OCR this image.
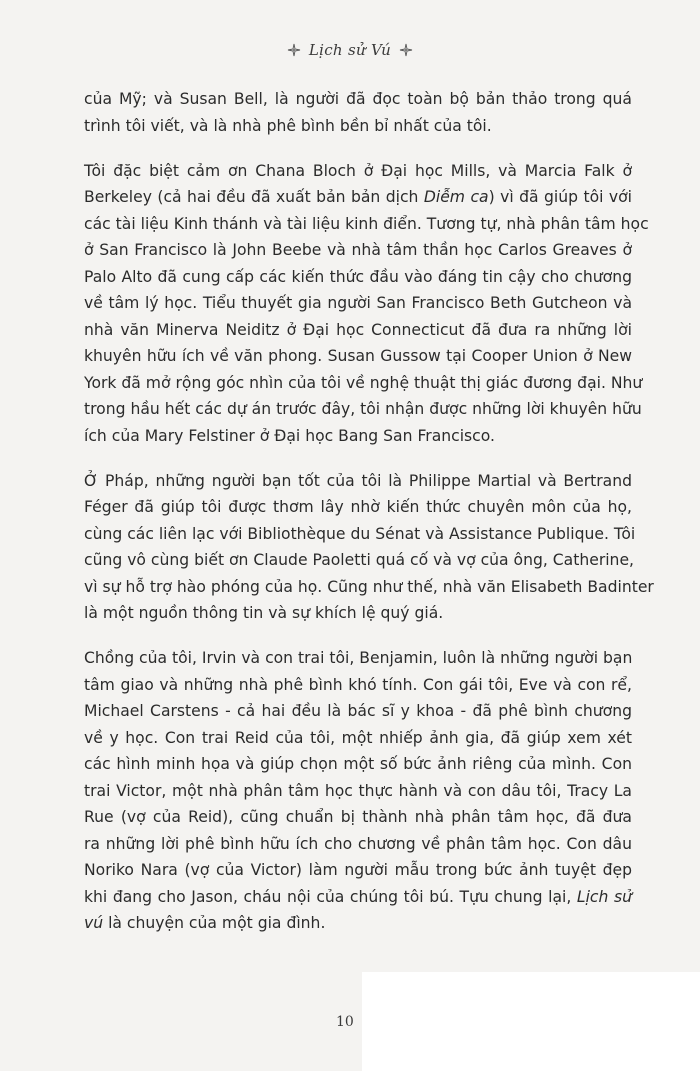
Lịch sử Vú

của Mỹ; và Susan Bell, là người đã đọc toàn bộ bản thảo trong quá
trình tôi viết, và là nhà phê bình bền bỉ nhất của tôi.

Tôi đặc biệt cảm ơn Chana Bloch ở Đại học Mills, và Marcia Falk ở
Berkeley (cả hai đều đã xuất bản bản dịch Diễm ca) vì đã giúp tôi với
các tài liệu Kinh thánh và tài liệu kinh điển. Tương tự, nhà phân tâm học
ở San Francisco là John Beebe và nhà tâm thần học Carlos Greaves ở
Palo Alto đã cung cấp các kiến thức đầu vào đáng tin cậy cho chương
về tâm lý học. Tiểu thuyết gia người San Francisco Beth Gutcheon và
nhà văn Minerva Neiditz ở Đại học Connecticut đã đưa ra những lời
khuyên hữu ích về văn phong. Susan Gussow tại Cooper Union ở New
York đã mở rộng góc nhìn của tôi về nghệ thuật thị giác đương đại. Như
trong hầu hết các dự án trước đây, tôi nhận được những lời khuyên hữu
ích của Mary Felstiner ở Đại học Bang San Francisco.

Ở Pháp, những người bạn tốt của tôi là Philippe Martial và Bertrand
Féger đã giúp tôi được thơm lây nhờ kiến thức chuyên môn của họ,
cùng các liên lạc với Bibliothèque du Sénat và Assistance Publique. Tôi
cũng vô cùng biết ơn Claude Paoletti quá cố và vợ của ông, Catherine,
vì sự hỗ trợ hào phóng của họ. Cũng như thế, nhà văn Elisabeth Badinter
là một nguồn thông tin và sự khích lệ quý giá.

Chồng của tôi, Irvin và con trai tôi, Benjamin, luôn là những người bạn
tâm giao và những nhà phê bình khó tính. Con gái tôi, Eve và con rể,
Michael Carstens - cả hai đều là bác sĩ y khoa - đã phê bình chương
về y học. Con trai Reid của tôi, một nhiếp ảnh gia, đã giúp xem xét
các hình minh họa và giúp chọn một số bức ảnh riêng của mình. Con
trai Victor, một nhà phân tâm học thực hành và con dâu tôi, Tracy La
Rue (vợ của Reid), cũng chuẩn bị thành nhà phân tâm học, đã đưa
ra những lời phê bình hữu ích cho chương về phân tâm học. Con dâu
Noriko Nara (vợ của Victor) làm người mẫu trong bức ảnh tuyệt đẹp
khi đang cho Jason, cháu nội của chúng tôi bú. Tựu chung lại, Lịch sử
vú là chuyện của một gia đình.

10
